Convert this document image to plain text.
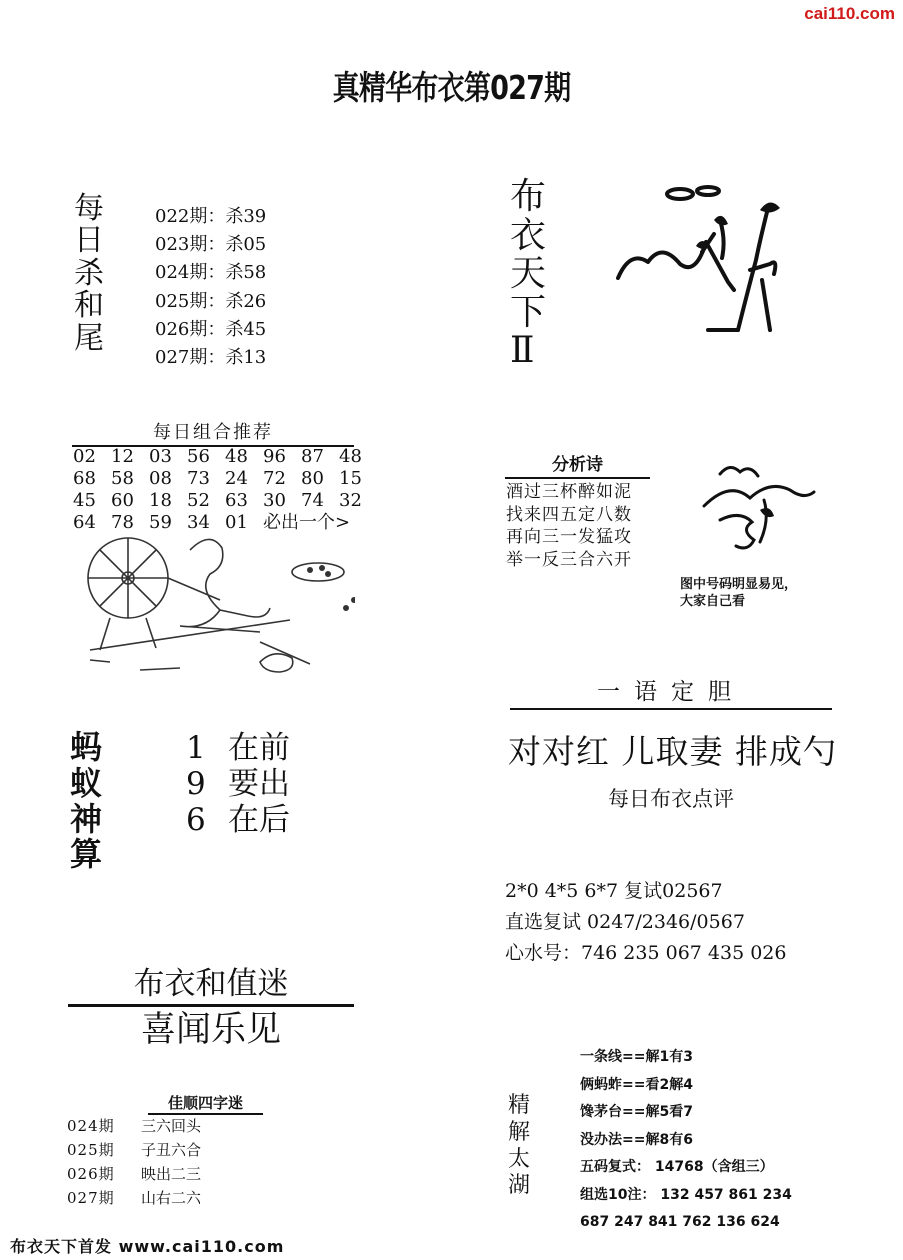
cai110.com
真精华布衣第027期
每
日
杀
和
尾
022期：杀39
023期：杀05
024期：杀58
025期：杀26
026期：杀45
027期：杀13
布
衣
天
下
Ⅱ
每日组合推荐
02 12 03 56 48 96 87 48
68 58 08 73 24 72 80 15
45 60 18 52 63 30 74 32
64 78 59 34 01 必出一个>
分析诗
酒过三杯醉如泥
找来四五定八数
再向三一发猛攻
举一反三合六开
图中号码明显易见，
大家自己看
一语定胆
对对红 儿取妻 排成勺
每日布衣点评
蚂
蚁
神
算
1 在前
9 要出
6 在后
2*0 4*5 6*7 复试02567
直选复试 0247/2346/0567
心水号：746 235 067 435 026
布衣和值迷
喜闻乐见
佳顺四字迷
024期 三六回头
025期 子丑六合
026期 映出二三
027期 山右二六
精
解
太
湖
一条线==解1有3
俩蚂蚱==看2解4
馋茅台==解5看7
没办法==解8有6
五码复式： 14768（含组三）
组选10注： 132 457 861 234
687 247 841 762 136 624
布衣天下首发 www.cai110.com
